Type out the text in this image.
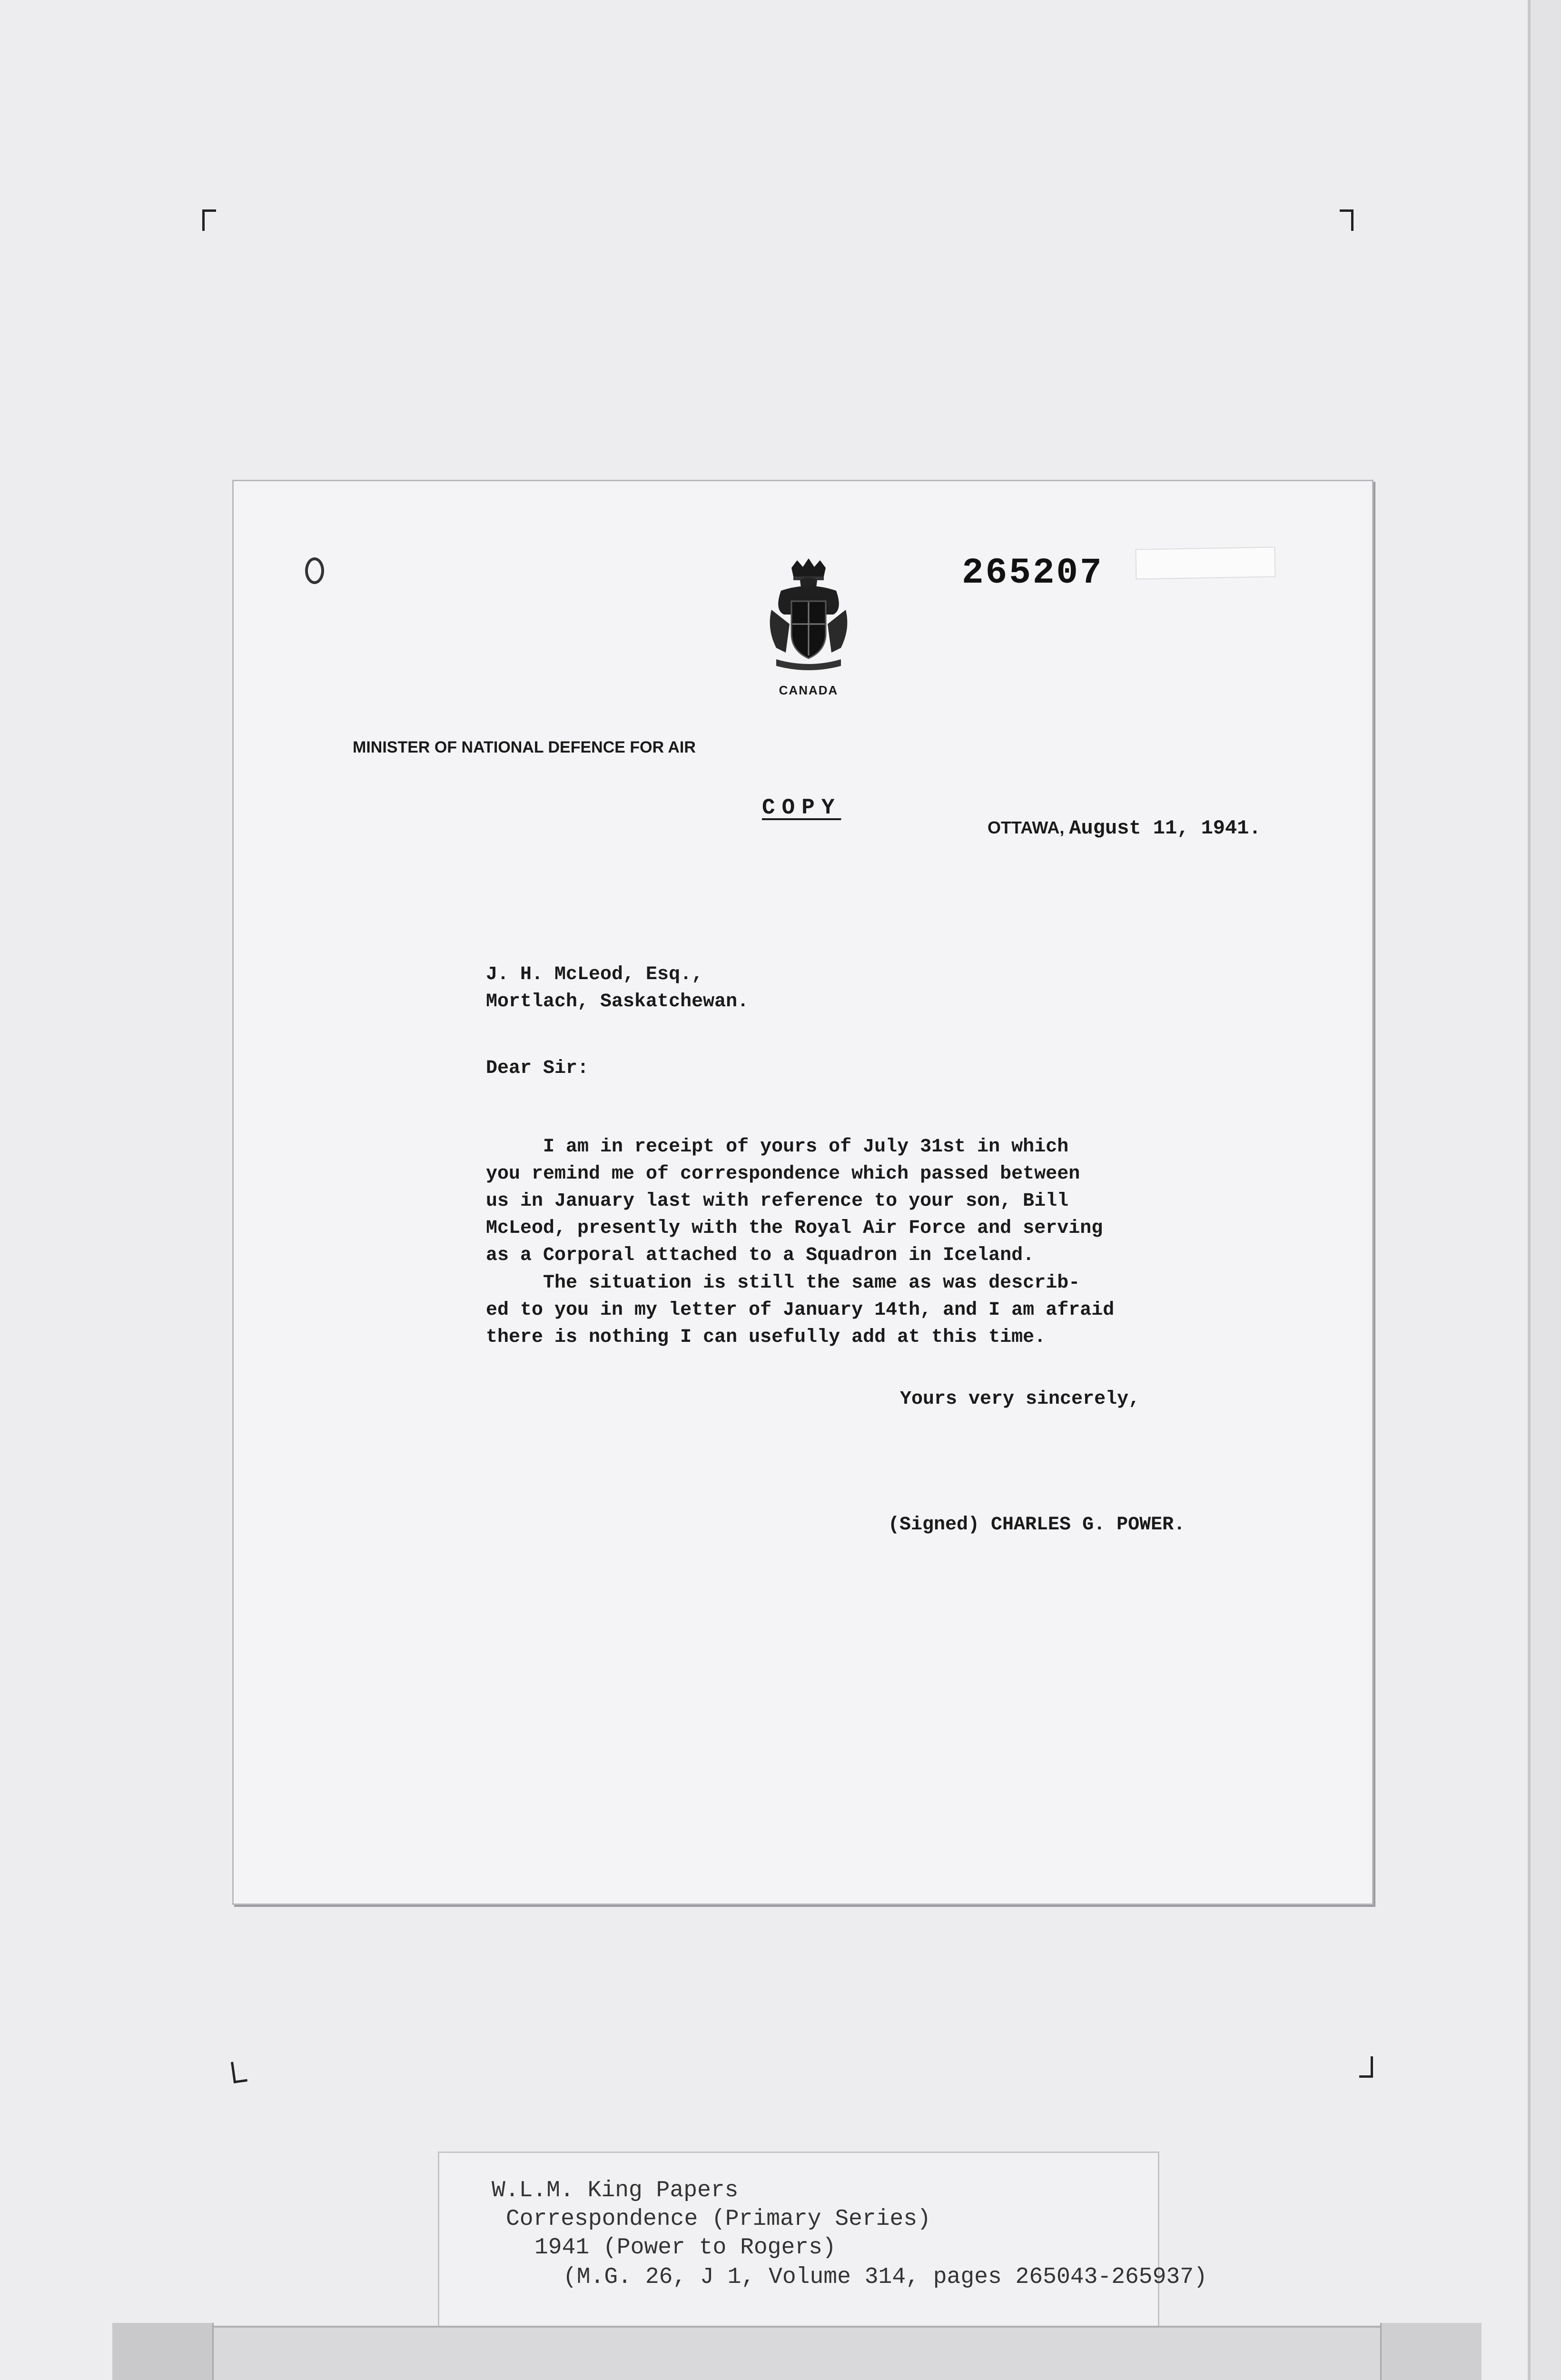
265207
CANADA
MINISTER OF NATIONAL DEFENCE FOR AIR
COPY
OTTAWA, August 11, 1941.
J. H. McLeod, Esq.,
Mortlach, Saskatchewan.
Dear Sir:
I am in receipt of yours of July 31st in which
you remind me of correspondence which passed between
us in January last with reference to your son, Bill
McLeod, presently with the Royal Air Force and serving
as a Corporal attached to a Squadron in Iceland.
The situation is still the same as was describ-
ed to you in my letter of January 14th, and I am afraid
there is nothing I can usefully add at this time.
Yours very sincerely,
(Signed) CHARLES G. POWER.
W.L.M. King Papers
Correspondence (Primary Series)
1941 (Power to Rogers)
(M.G. 26, J 1, Volume 314, pages 265043-265937)
